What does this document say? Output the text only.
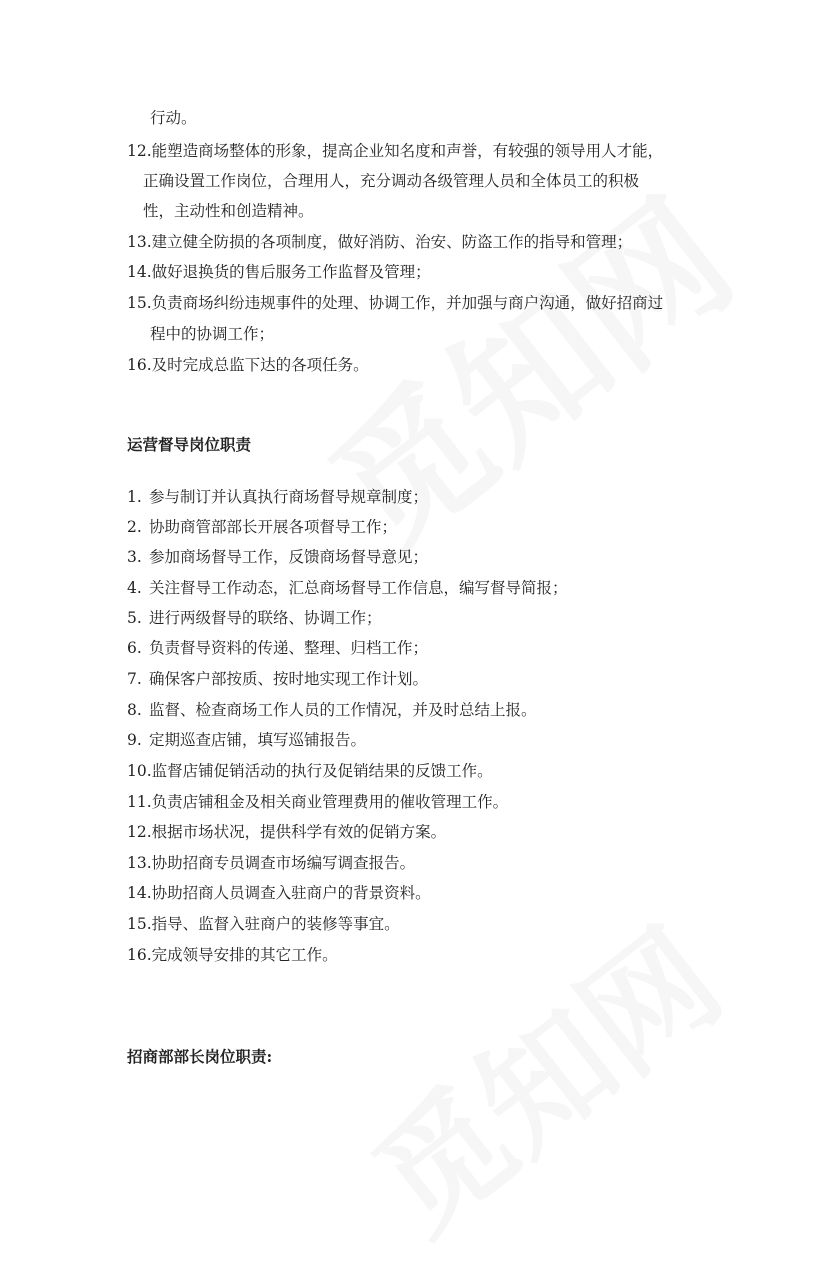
行动。
12.能塑造商场整体的形象，提高企业知名度和声誉，有较强的领导用人才能，
正确设置工作岗位，合理用人，充分调动各级管理人员和全体员工的积极
性，主动性和创造精神。
13.建立健全防损的各项制度，做好消防、治安、防盗工作的指导和管理；
14.做好退换货的售后服务工作监督及管理；
15.负责商场纠纷违规事件的处理、协调工作，并加强与商户沟通，做好招商过
程中的协调工作；
16.及时完成总监下达的各项任务。
运营督导岗位职责
1. 参与制订并认真执行商场督导规章制度；
2. 协助商管部部长开展各项督导工作；
3. 参加商场督导工作，反馈商场督导意见；
4. 关注督导工作动态，汇总商场督导工作信息，编写督导简报；
5. 进行两级督导的联络、协调工作；
6. 负责督导资料的传递、整理、归档工作；
7. 确保客户部按质、按时地实现工作计划。
8. 监督、检查商场工作人员的工作情况，并及时总结上报。
9. 定期巡查店铺，填写巡铺报告。
10.监督店铺促销活动的执行及促销结果的反馈工作。
11.负责店铺租金及相关商业管理费用的催收管理工作。
12.根据市场状况，提供科学有效的促销方案。
13.协助招商专员调查市场编写调查报告。
14.协助招商人员调查入驻商户的背景资料。
15.指导、监督入驻商户的装修等事宜。
16.完成领导安排的其它工作。
招商部部长岗位职责:
